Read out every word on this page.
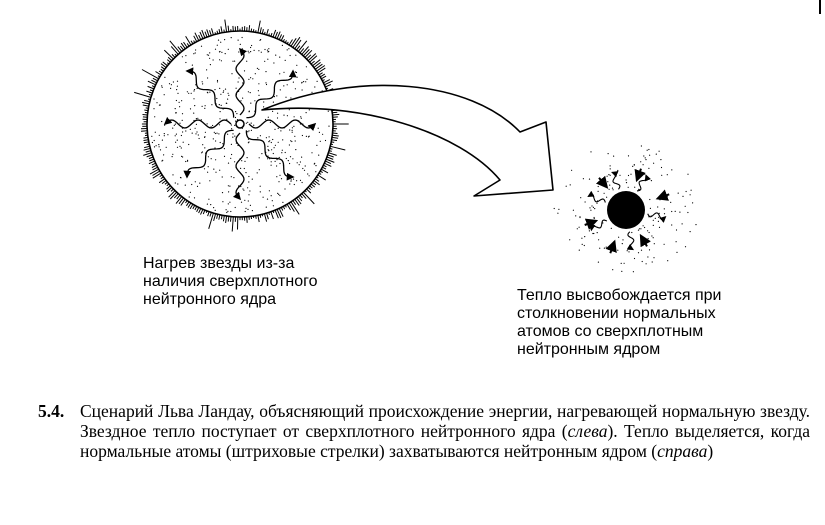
Нагрев звезды из-за
наличия сверхплотного
нейтронного ядра	Тепло высвобождается при
столкновении нормальных
атомов со сверхплотным
нейтронным ядром
5.4. Сценарий Льва Ландау, объясняющий происхождение энергии, нагревающей нормальную звезду. Звездное тепло поступает от сверхплотного нейтронного ядра (слева). Тепло выделяется, когда нормальные атомы (штриховые стрелки) захватываются нейтронным ядром (справа)
